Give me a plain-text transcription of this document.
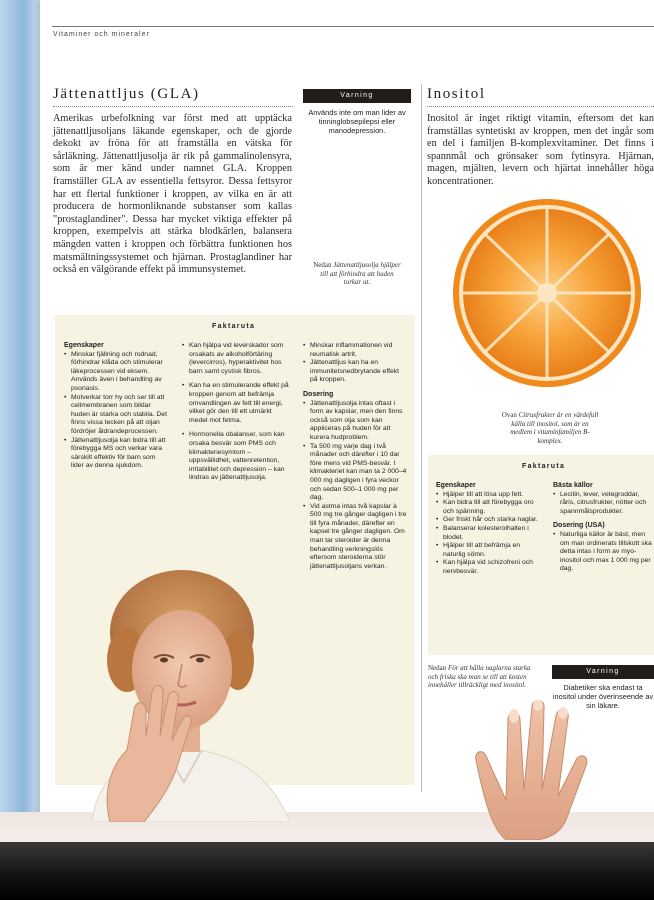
Vitaminer och mineraler
Jättenattljus (GLA)
Amerikas urbefolkning var först med att upptäcka jättenattljusoljans läkande egenskaper, och de gjorde dekokt av fröna för att framställa en vätska för sårläkning. Jättenattljusolja är rik på gammalinolensyra, som är mer känd under namnet GLA. Kroppen framställer GLA av essentiella fettsyror. Dessa fettsyror har ett flertal funktioner i kroppen, av vilka en är att producera de hormonliknande substanser som kallas "prostaglandiner". Dessa har mycket viktiga effekter på kroppen, exempelvis att stärka blodkärlen, balansera mängden vatten i kroppen och förbättra funktionen hos matsmältningssystemet och hjärnan. Prostaglandiner har också en välgörande effekt på immunsystemet.
Varning
Används inte om man lider av tinninglobsepilepsi eller manodepression.
Nedan Jättenattljusolja hjälper till att förhindra att huden torkar ut.
Faktaruta
Egenskaper
• Minskar fjällning och rodnad, förhindrar klåda och stimulerar läkeprocessen vid eksem. Används även i behandling av psoriasis.
• Motverkar torr hy och ser till att cellmembranen som bildar huden är starka och stabila. Det finns vissa tecken på att oljan fördröjer åldrandeprocessen.
• Jättenattljusolja kan bidra till att förebygga MS och verkar vara särskilt effektiv för barn som lider av denna sjukdom.
• Kan hjälpa vid leverskador som orsakats av alkoholförtäring (levercirros), hyperaktivitet hos barn samt cystisk fibros.
• Kan ha en stimulerande effekt på kroppen genom att befrämja omvandlingen av fett till energi, vilket gör den till ett utmärkt medel mot fetma.
• Hormonella obalanser, som kan orsaka besvär som PMS och klimakteriesymtom – uppsvällidhet, vattenretention, irritabilitet och depression – kan lindras av jättenattljusolja.
• Minskar inflammationen vid reumatisk artrit.
• Jättenattljus kan ha en immunitetsnedbrytande effekt på kroppen.
Dosering
• Jättenattljusolja intas oftast i form av kapslar, men den finns också som olja som kan appliceras på huden för att kurera hudproblem.
• Ta 500 mg varje dag i två månader och därefter i 10 dar före mens vid PMS-besvär. I klimakteriet kan man ta 2 000–4 000 mg dagligen i fyra veckor och sedan 500–1 000 mg per dag.
• Vid astma intas två kapslar à 500 mg tre gånger dagligen i tre till fyra månader, därefter en kapsel tre gånger dagligen. Om man tar steroider är denna behandling verkningslös eftersom steroiderna stör jättenattljusoljans verkan.
Inositol
Inositol är inget riktigt vitamin, eftersom det kan framställas syntetiskt av kroppen, men det ingår som en del i familjen B-komplexvitaminer. Det finns i spannmål och grönsaker som fytinsyra. Hjärnan, magen, mjälten, levern och hjärtat innehåller höga koncentrationer.
Ovan Citrusfrukter är en värdefull källa till inositol, som är en medlem i vitaminfamiljen B-komplex.
Faktaruta
Egenskaper
• Hjälper till att lösa upp fett.
• Kan bidra till att förebygga oro och spänning.
• Ger friskt hår och starka naglar.
• Balanserar kolesterolhalten i blodet.
• Hjälper till att befrämja en naturlig sömn.
• Kan hjälpa vid schizofreni och nervbesvär.
Bästa källor
• Lecitin, lever, vetegroddar, råris, citrusfrukter, nötter och spannmålsprodukter.
Dosering (USA)
• Naturliga källor är bäst, men om man ordinerats tillskott ska detta intas i form av myo-inositol och max 1 000 mg per dag.
Nedan För att hålla naglarna starka och friska ska man se till att kosten innehåller tillräckligt med inositol.
Varning
Diabetiker ska endast ta inositol under överinseende av sin läkare.
